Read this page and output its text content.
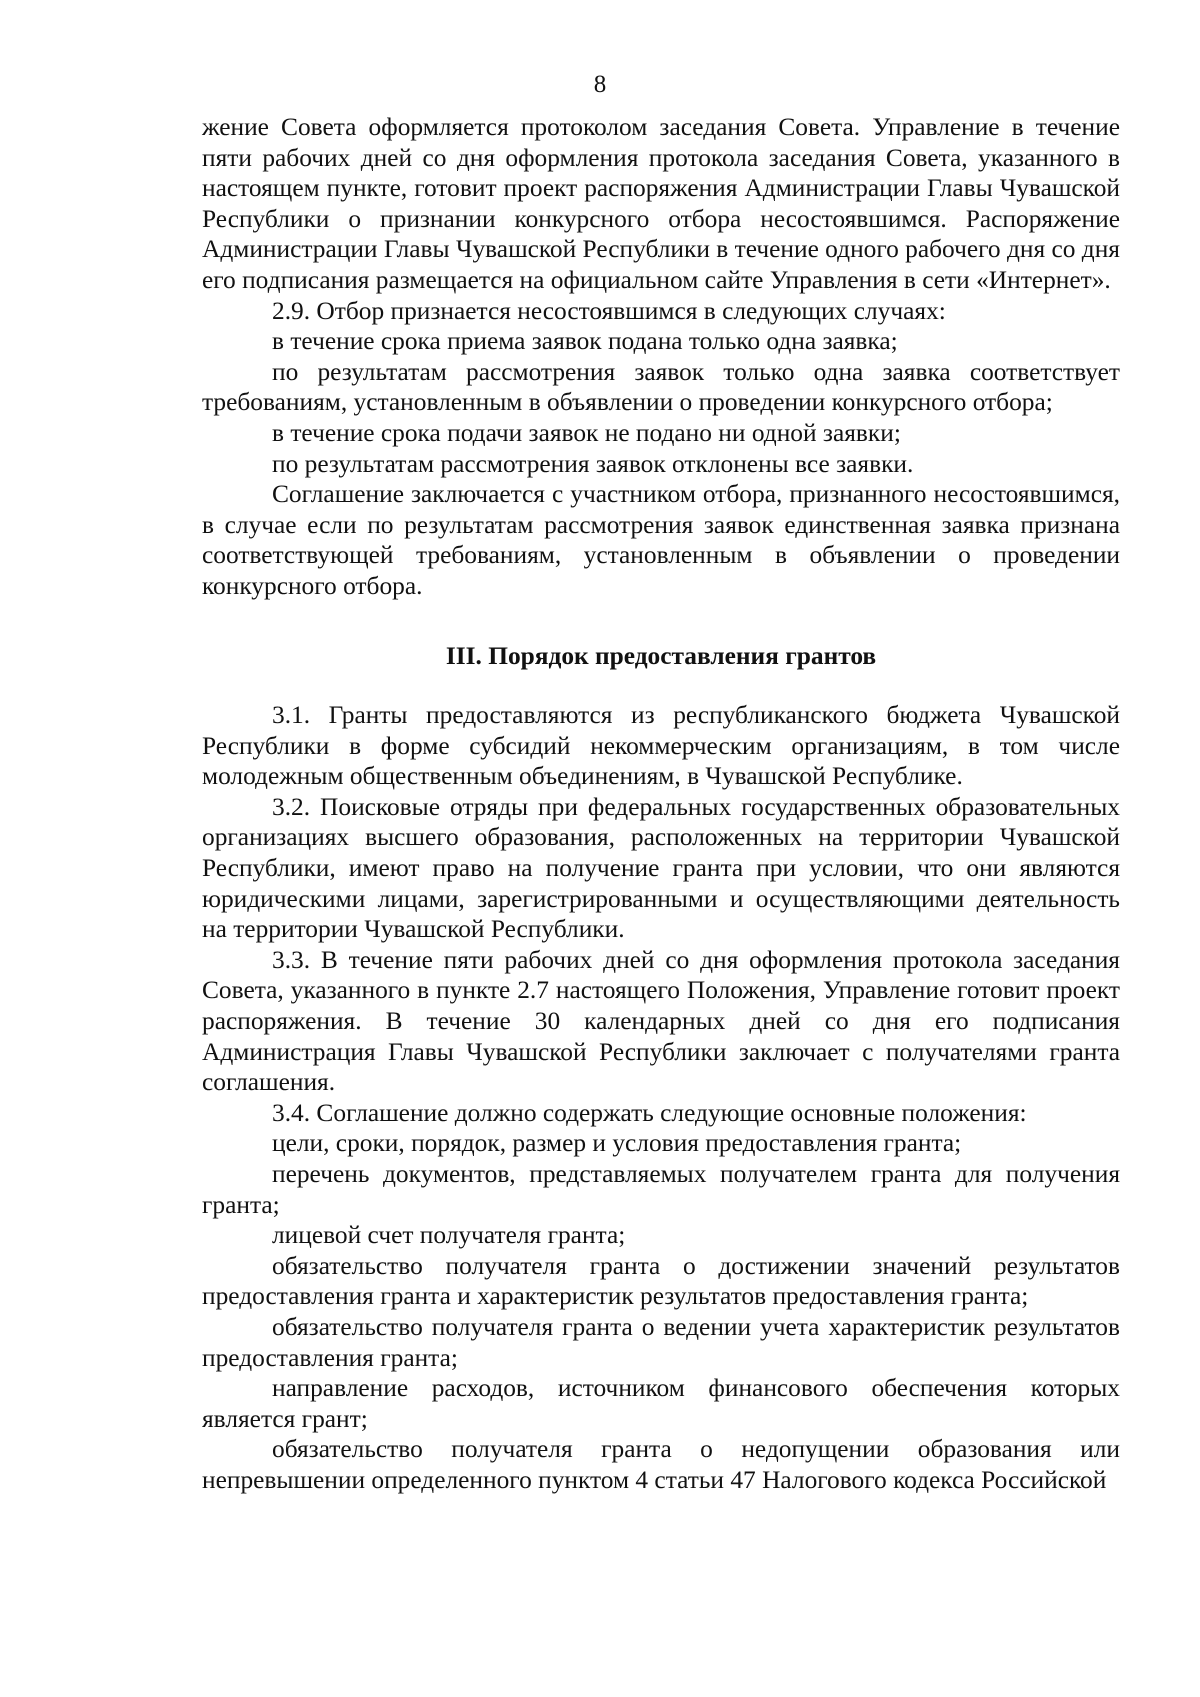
8

жение Совета оформляется протоколом заседания Совета. Управление в течение пяти рабочих дней со дня оформления протокола заседания Совета, указанного в настоящем пункте, готовит проект распоряжения Администрации Главы Чувашской Республики о признании конкурсного отбора несостоявшимся. Распоряжение Администрации Главы Чувашской Республики в течение одного рабочего дня со дня его подписания размещается на официальном сайте Управления в сети «Интернет».

2.9. Отбор признается несостоявшимся в следующих случаях:

в течение срока приема заявок подана только одна заявка;

по результатам рассмотрения заявок только одна заявка соответствует требованиям, установленным в объявлении о проведении конкурсного отбора;

в течение срока подачи заявок не подано ни одной заявки;

по результатам рассмотрения заявок отклонены все заявки.

Соглашение заключается с участником отбора, признанного несостоявшимся, в случае если по результатам рассмотрения заявок единственная заявка признана соответствующей требованиям, установленным в объявлении о проведении конкурсного отбора.

III. Порядок предоставления грантов

3.1. Гранты предоставляются из республиканского бюджета Чувашской Республики в форме субсидий некоммерческим организациям, в том числе молодежным общественным объединениям, в Чувашской Республике.

3.2. Поисковые отряды при федеральных государственных образовательных организациях высшего образования, расположенных на территории Чувашской Республики, имеют право на получение гранта при условии, что они являются юридическими лицами, зарегистрированными и осуществляющими деятельность на территории Чувашской Республики.

3.3. В течение пяти рабочих дней со дня оформления протокола заседания Совета, указанного в пункте 2.7 настоящего Положения, Управление готовит проект распоряжения. В течение 30 календарных дней со дня его подписания Администрация Главы Чувашской Республики заключает с получателями гранта соглашения.

3.4. Соглашение должно содержать следующие основные положения:

цели, сроки, порядок, размер и условия предоставления гранта;

перечень документов, представляемых получателем гранта для получения гранта;

лицевой счет получателя гранта;

обязательство получателя гранта о достижении значений результатов предоставления гранта и характеристик результатов предоставления гранта;

обязательство получателя гранта о ведении учета характеристик результатов предоставления гранта;

направление расходов, источником финансового обеспечения которых является грант;

обязательство получателя гранта о недопущении образования или непревышении определенного пунктом 4 статьи 47 Налогового кодекса Российской
